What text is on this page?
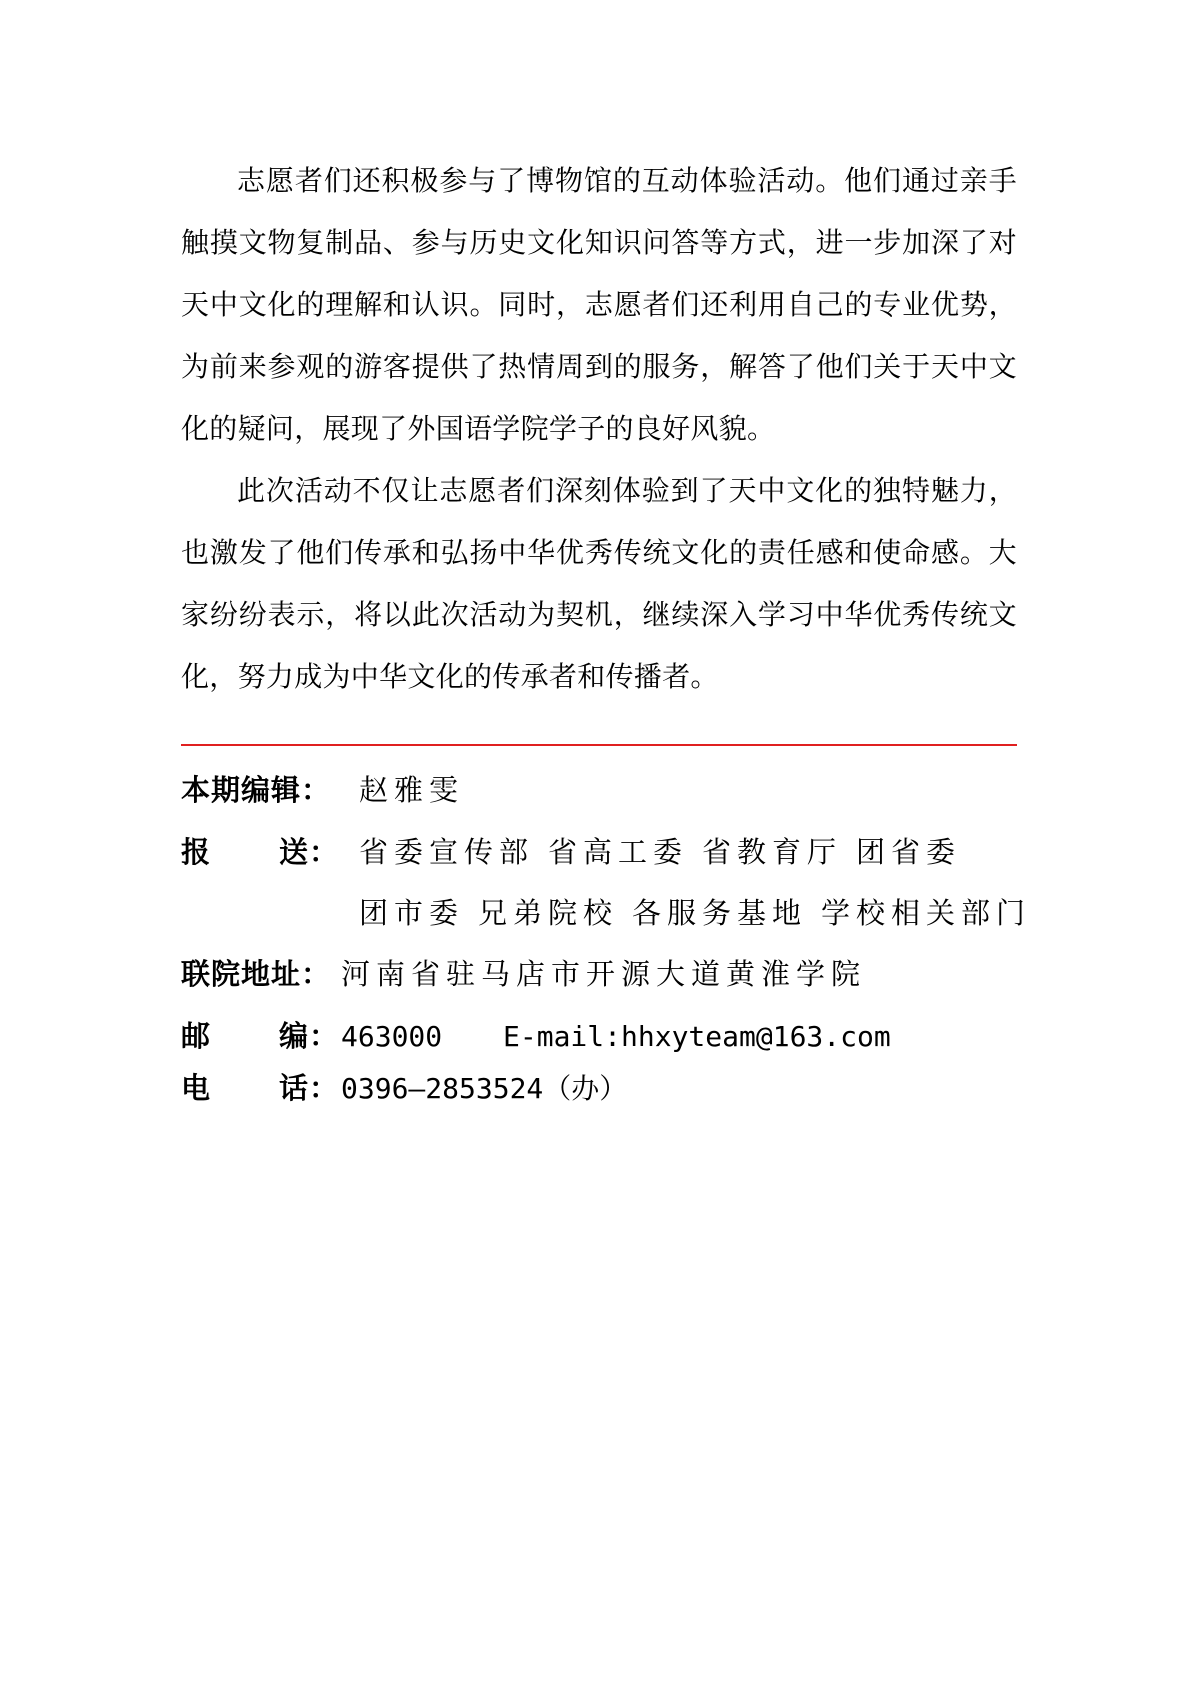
志愿者们还积极参与了博物馆的互动体验活动。他们通过亲手触摸文物复制品、参与历史文化知识问答等方式，进一步加深了对天中文化的理解和认识。同时，志愿者们还利用自己的专业优势，为前来参观的游客提供了热情周到的服务，解答了他们关于天中文化的疑问，展现了外国语学院学子的良好风貌。

此次活动不仅让志愿者们深刻体验到了天中文化的独特魅力，也激发了他们传承和弘扬中华优秀传统文化的责任感和使命感。大家纷纷表示，将以此次活动为契机，继续深入学习中华优秀传统文化，努力成为中华文化的传承者和传播者。

本期编辑： 赵雅雯
报 送： 省委宣传部 省高工委 省教育厅 团省委
团市委 兄弟院校 各服务基地 学校相关部门
联院地址： 河南省驻马店市开源大道黄淮学院
邮 编：463000 E-mail:hhxyteam@163.com
电 话：0396—2853524（办）
